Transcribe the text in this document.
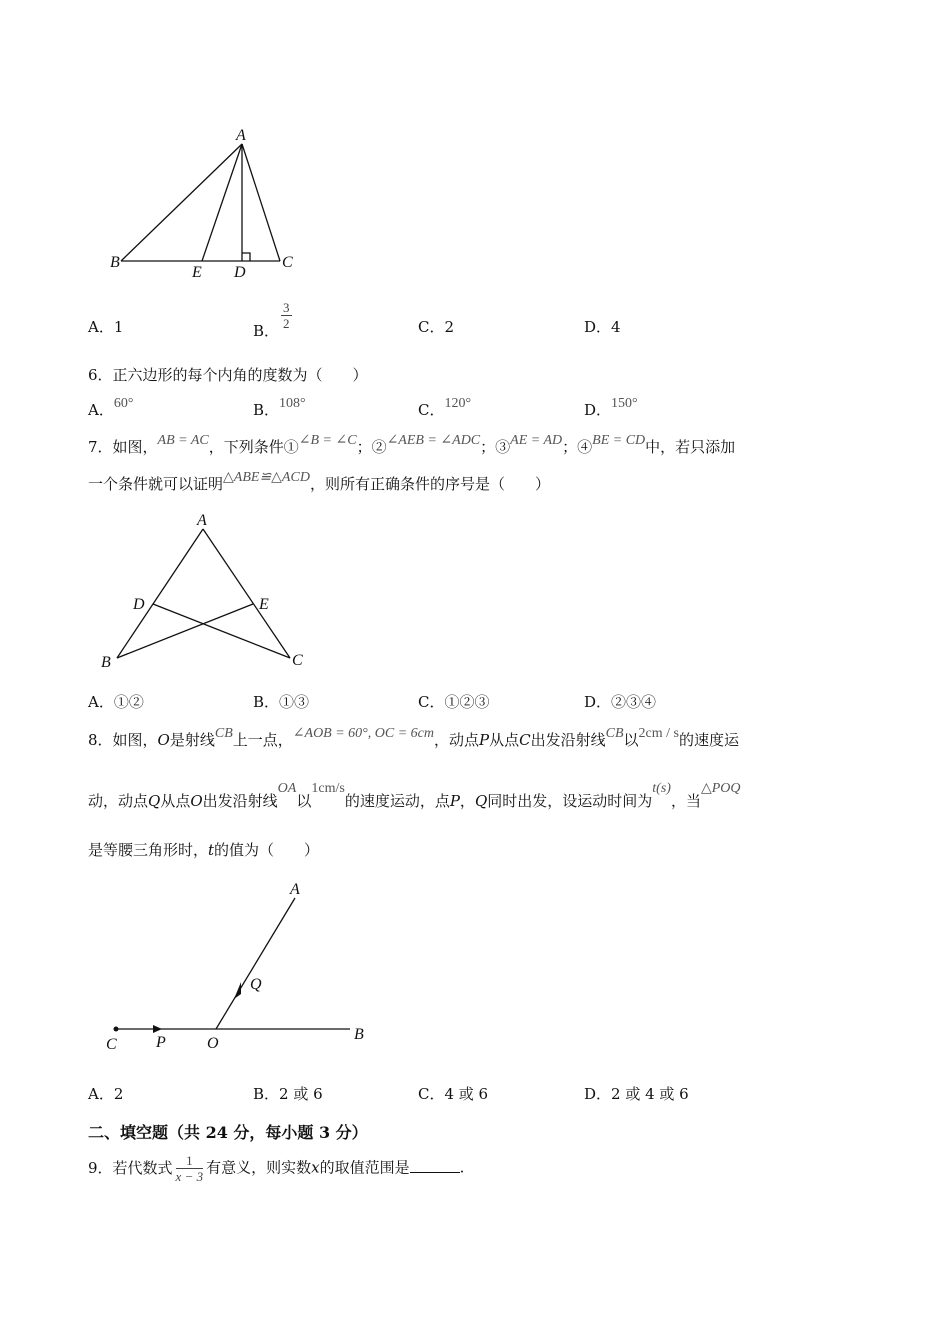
A
B
E D
C
A．1	B． $\frac{3}{2}$	C．2	D．4
6．正六边形的每个内角的度数为（　　）
A．60°	B．108°	C．120°	D．150°
7．如图，AB = AC，下列条件①∠B = ∠C；②∠AEB = ∠ADC；③AE = AD；④BE = CD中，若只添加
一个条件就可以证明△ABE≌△ACD，则所有正确条件的序号是（　　）
A
D	E
B	C
A．①②	B．①③	C．①②③	D．②③④
8．如图，O是射线CB上一点，∠AOB = 60°, OC = 6cm，动点P从点C出发沿射线CB以2cm / s的速度运
动，动点Q从点O出发沿射线OA以1cm/s的速度运动，点P，Q同时出发，设运动时间为t(s)，当△POQ
是等腰三角形时，t的值为（　　）
A
Q
C P	O
B
A．2	B．2 或 6	C．4 或 6	D．2 或 4 或 6
二、填空题（共 24 分，每小题 3 分）
9．若代数式 $\frac{1}{x - 3}$ 有意义，则实数x的取值范围是	.
